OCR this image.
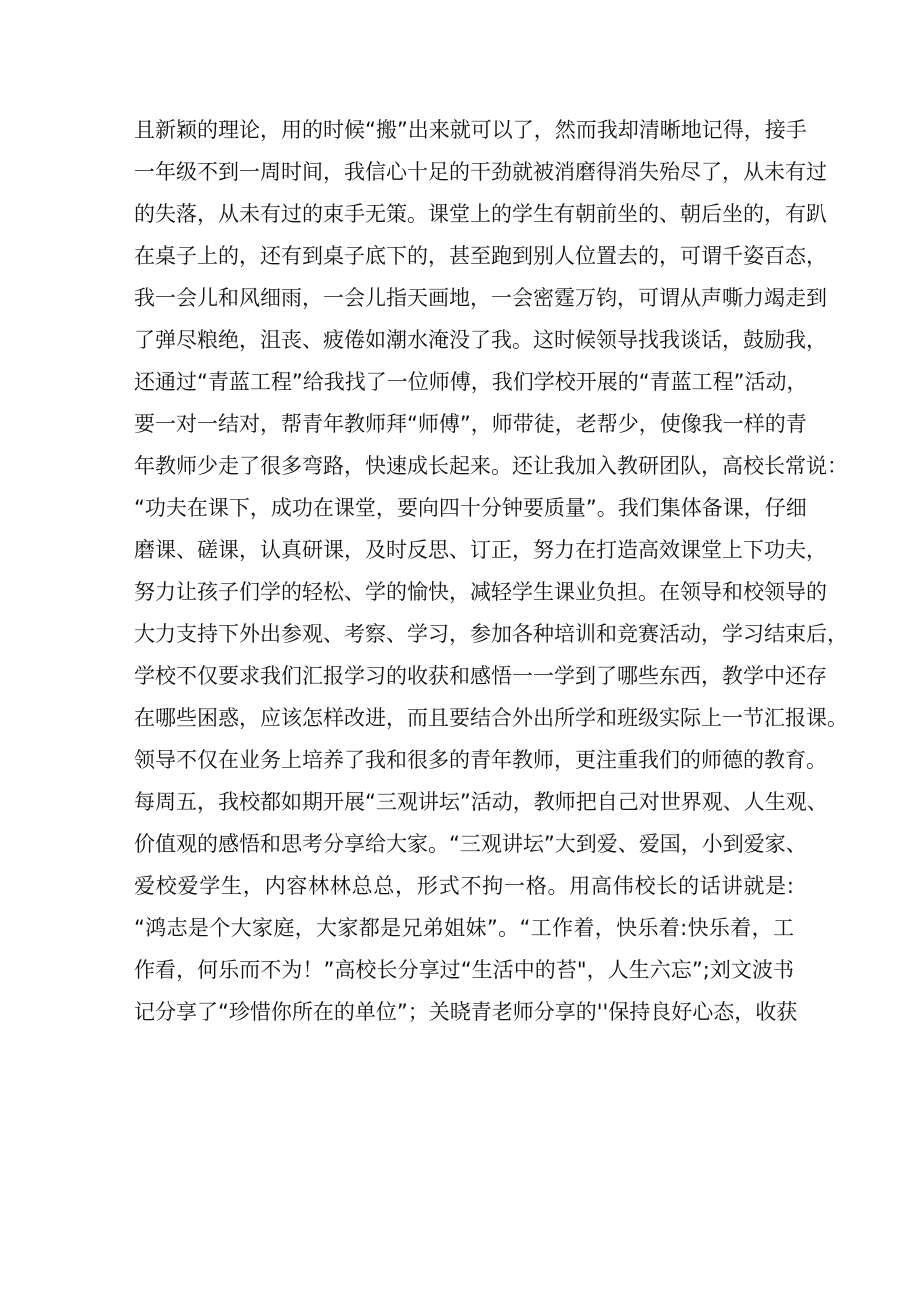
且新颖的理论，用的时候“搬”出来就可以了，然而我却清晰地记得，接手
一年级不到一周时间，我信心十足的干劲就被消磨得消失殆尽了，从未有过
的失落，从未有过的束手无策。课堂上的学生有朝前坐的、朝后坐的，有趴
在桌子上的，还有到桌子底下的，甚至跑到别人位置去的，可谓千姿百态，
我一会儿和风细雨，一会儿指天画地，一会密霆万钧，可谓从声嘶力竭走到
了弹尽粮绝，沮丧、疲倦如潮水淹没了我。这时候领导找我谈话，鼓励我，
还通过“青蓝工程”给我找了一位师傅，我们学校开展的“青蓝工程”活动，
要一对一结对，帮青年教师拜“师傅”，师带徒，老帮少，使像我一样的青
年教师少走了很多弯路，快速成长起来。还让我加入教研团队，高校长常说：
“功夫在课下，成功在课堂，要向四十分钟要质量”。我们集体备课，仔细
磨课、磋课，认真研课，及时反思、订正，努力在打造高效课堂上下功夫，
努力让孩子们学的轻松、学的愉快，减轻学生课业负担。在领导和校领导的
大力支持下外出参观、考察、学习，参加各种培训和竞赛活动，学习结束后，
学校不仅要求我们汇报学习的收获和感悟一一学到了哪些东西，教学中还存
在哪些困惑，应该怎样改进，而且要结合外出所学和班级实际上一节汇报课。
领导不仅在业务上培养了我和很多的青年教师，更注重我们的师德的教育。
每周五，我校都如期开展“三观讲坛”活动，教师把自己对世界观、人生观、
价值观的感悟和思考分享给大家。“三观讲坛”大到爱、爱国，小到爱家、
爱校爱学生，内容林林总总，形式不拘一格。用高伟校长的话讲就是:
“鸿志是个大家庭，大家都是兄弟姐妹”。“工作着，快乐着:快乐着，工
作看，何乐而不为！”高校长分享过“生活中的苔"，人生六忘”;刘文波书
记分享了“珍惜你所在的单位”；关晓青老师分享的''保持良好心态，收获
